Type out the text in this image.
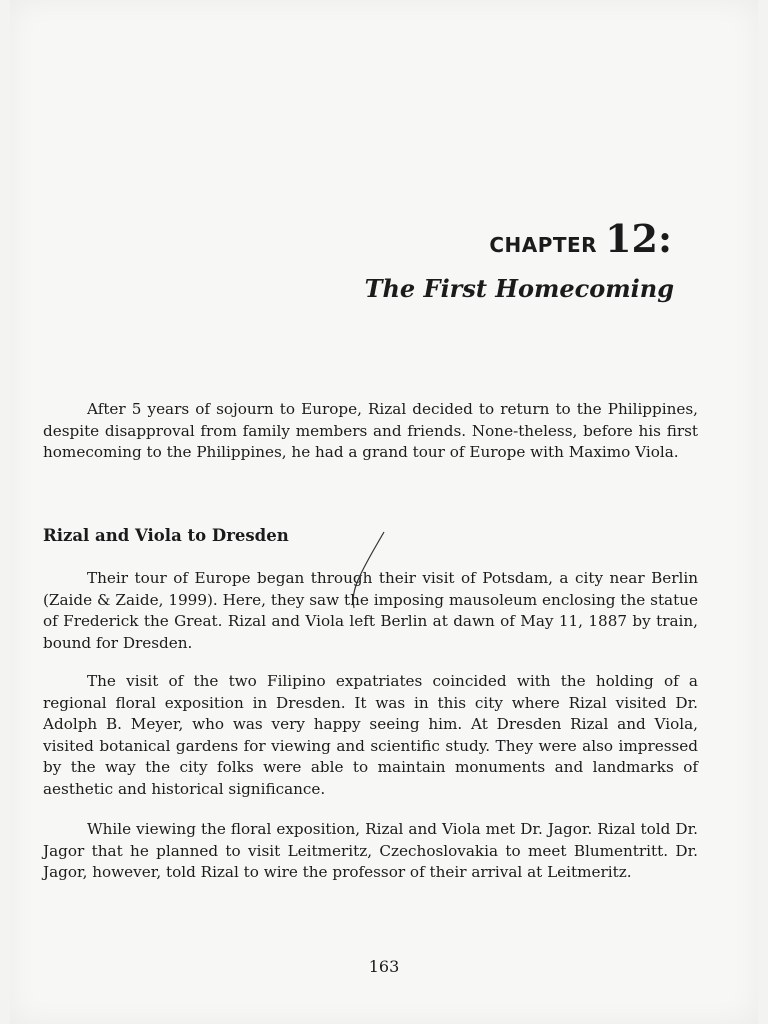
CHAPTER 12:
The First Homecoming

After 5 years of sojourn to Europe, Rizal decided to return to the Philippines, despite disapproval from family members and friends. None-theless, before his first homecoming to the Philippines, he had a grand tour of Europe with Maximo Viola.

Rizal and Viola to Dresden

Their tour of Europe began through their visit of Potsdam, a city near Berlin (Zaide & Zaide, 1999). Here, they saw the imposing mausoleum enclosing the statue of Frederick the Great. Rizal and Viola left Berlin at dawn of May 11, 1887 by train, bound for Dresden.

The visit of the two Filipino expatriates coincided with the holding of a regional floral exposition in Dresden. It was in this city where Rizal visited Dr. Adolph B. Meyer, who was very happy seeing him. At Dresden Rizal and Viola, visited botanical gardens for viewing and scientific study. They were also impressed by the way the city folks were able to maintain monuments and landmarks of aesthetic and historical significance.

While viewing the floral exposition, Rizal and Viola met Dr. Jagor. Rizal told Dr. Jagor that he planned to visit Leitmeritz, Czechoslovakia to meet Blumentritt. Dr. Jagor, however, told Rizal to wire the professor of their arrival at Leitmeritz.

163
